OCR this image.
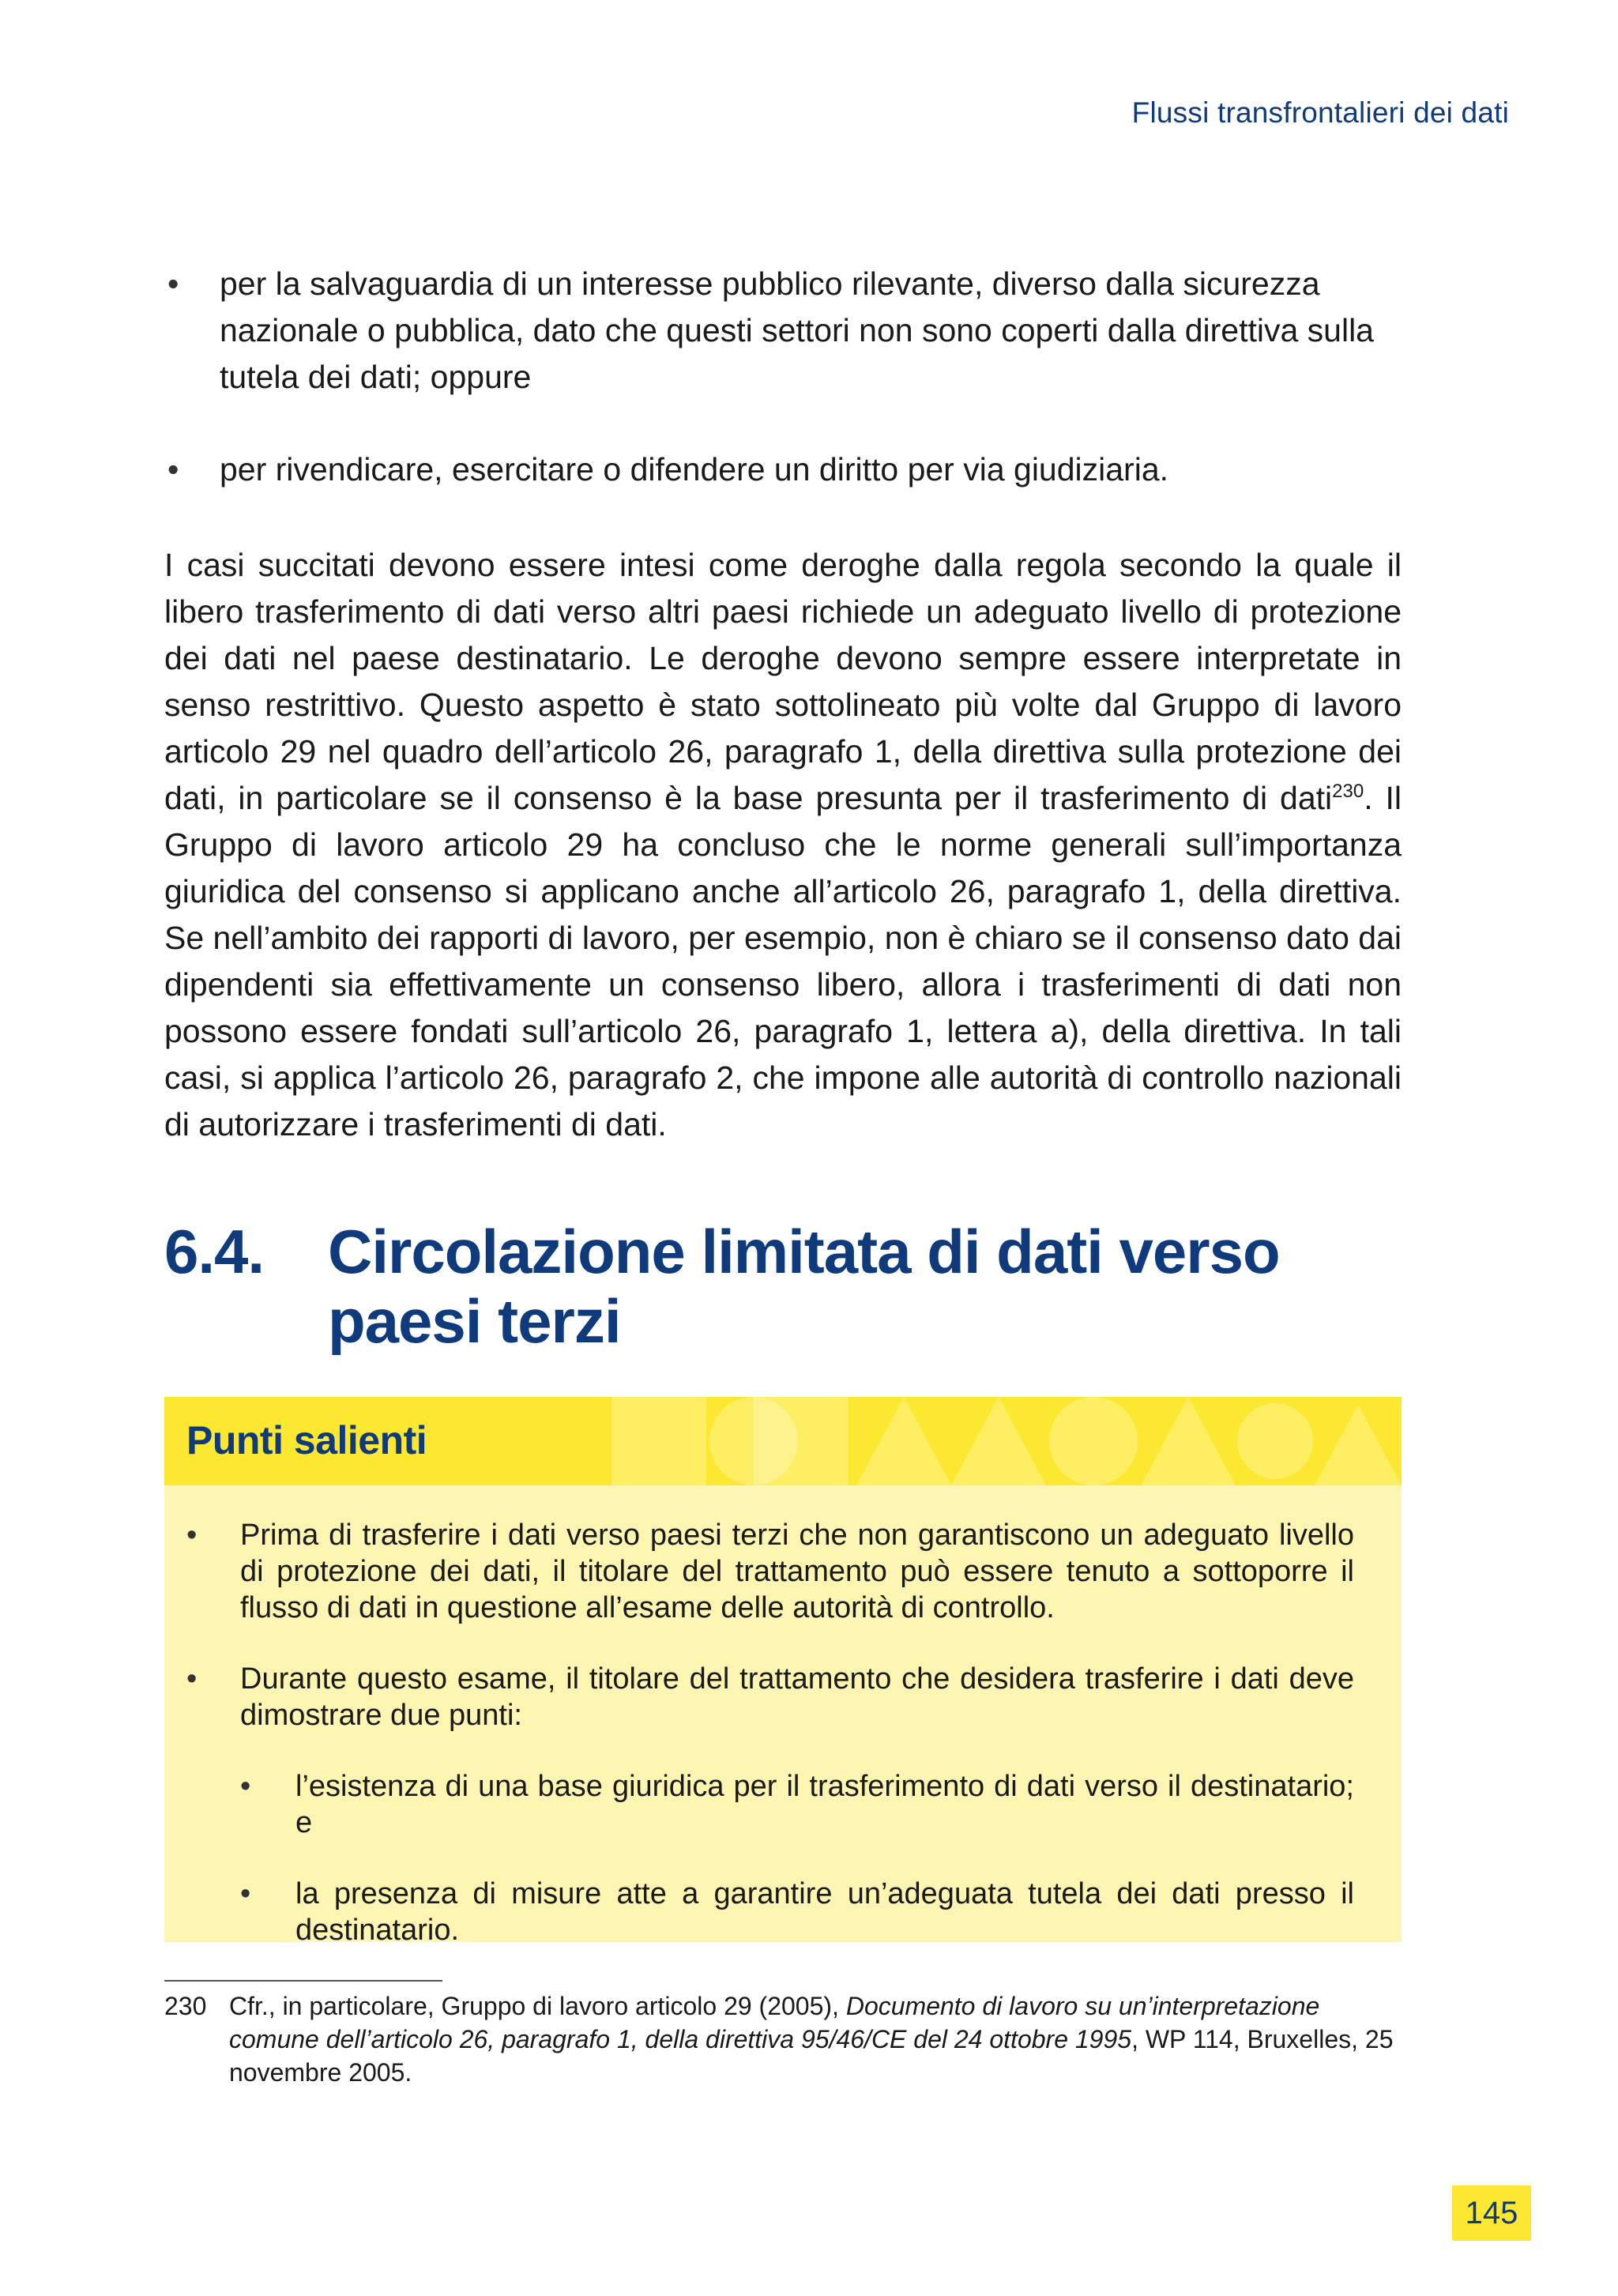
Flussi transfrontalieri dei dati
• per la salvaguardia di un interesse pubblico rilevante, diverso dalla sicurezza nazionale o pubblica, dato che questi settori non sono coperti dalla direttiva sulla tutela dei dati; oppure
• per rivendicare, esercitare o difendere un diritto per via giudiziaria.

I casi succitati devono essere intesi come deroghe dalla regola secondo la quale il libero trasferimento di dati verso altri paesi richiede un adeguato livello di protezione dei dati nel paese destinatario. Le deroghe devono sempre essere interpretate in senso restrittivo. Questo aspetto è stato sottolineato più volte dal Gruppo di lavoro articolo 29 nel quadro dell’articolo 26, paragrafo 1, della direttiva sulla protezione dei dati, in particolare se il consenso è la base presunta per il trasferimento di dati$^{230}$. Il Gruppo di lavoro articolo 29 ha concluso che le norme generali sull’importanza giuridica del consenso si applicano anche all’articolo 26, paragrafo 1, della direttiva. Se nell’ambito dei rapporti di lavoro, per esempio, non è chiaro se il consenso dato dai dipendenti sia effettivamente un consenso libero, allora i trasferimenti di dati non possono essere fondati sull’articolo 26, paragrafo 1, lettera a), della direttiva. In tali casi, si applica l’articolo 26, paragrafo 2, che impone alle autorità di controllo nazionali di autorizzare i trasferimenti di dati.

6.4. Circolazione limitata di dati verso
paesi terzi
Punti salienti
• Prima di trasferire i dati verso paesi terzi che non garantiscono un adeguato livello di protezione dei dati, il titolare del trattamento può essere tenuto a sottoporre il flusso di dati in questione all’esame delle autorità di controllo.
• Durante questo esame, il titolare del trattamento che desidera trasferire i dati deve dimostrare due punti:
• l’esistenza di una base giuridica per il trasferimento di dati verso il destinatario; e
• la presenza di misure atte a garantire un’adeguata tutela dei dati presso il destinatario.
230 Cfr., in particolare, Gruppo di lavoro articolo 29 (2005), Documento di lavoro su un’interpretazione comune dell’articolo 26, paragrafo 1, della direttiva 95/46/CE del 24 ottobre 1995, WP 114, Bruxelles, 25 novembre 2005.
145
